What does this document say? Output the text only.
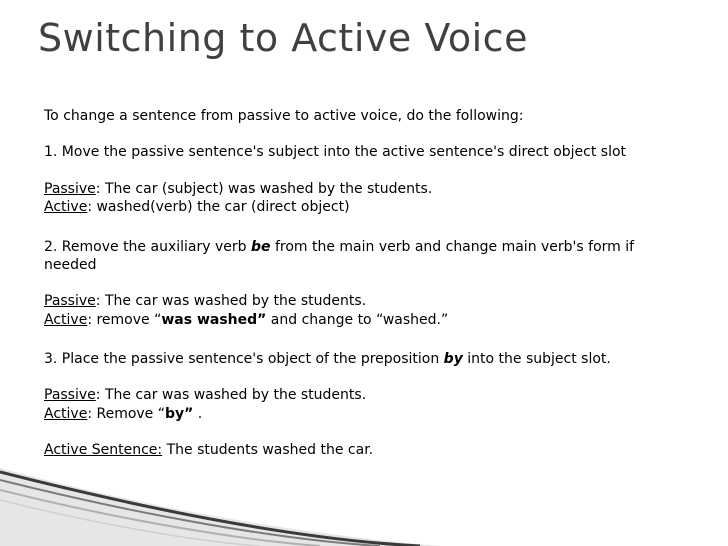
Switching to Active Voice
To change a sentence from passive to active voice, do the following:
1. Move the passive sentence's subject into the active sentence's direct object slot
Passive: The car (subject) was washed by the students.
Active: washed(verb) the car (direct object)
2. Remove the auxiliary verb be from the main verb and change main verb's form if needed
Passive: The car was washed by the students.
Active: remove “was washed” and change to “washed.”
3. Place the passive sentence's object of the preposition by into the subject slot.
Passive: The car was washed by the students.
Active: Remove “by” .
Active Sentence: The students washed the car.
